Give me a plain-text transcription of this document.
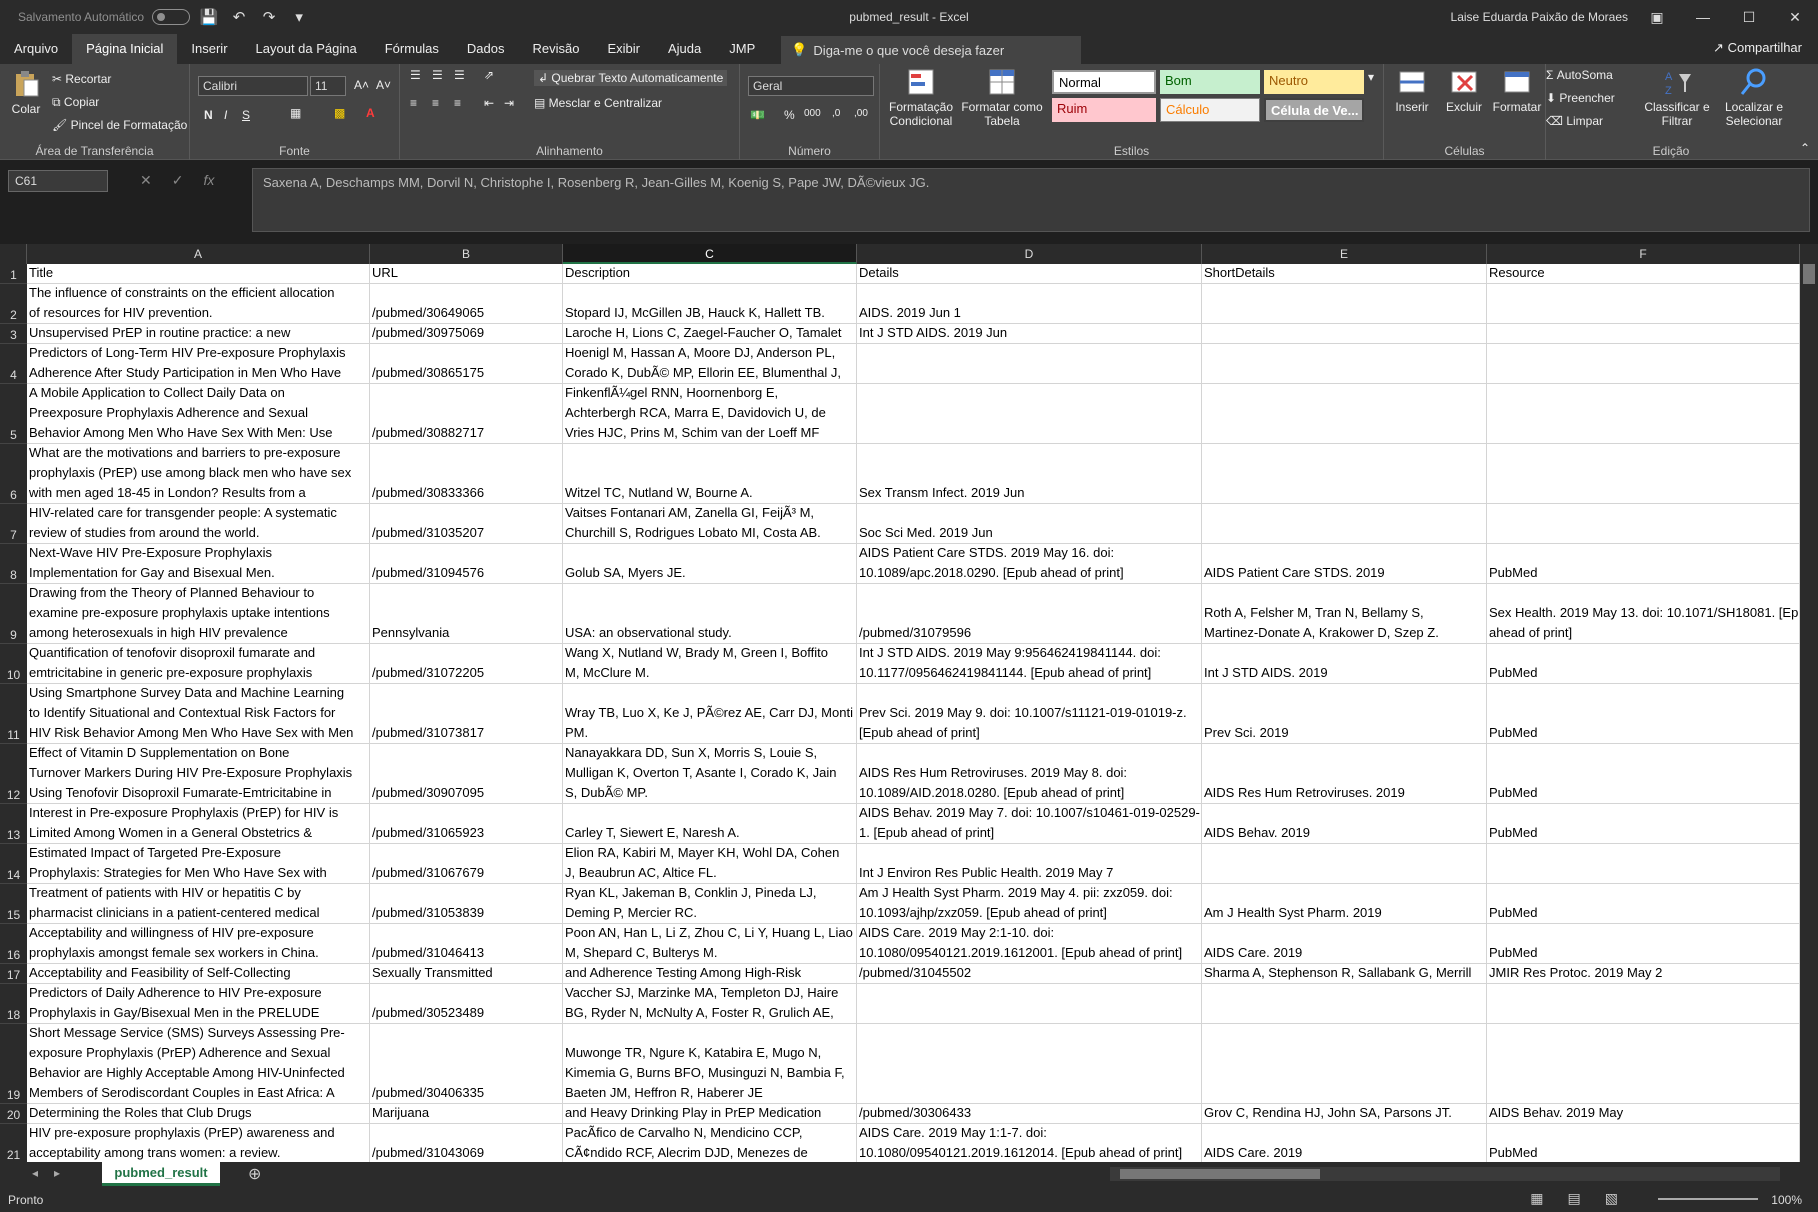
Salvamento Automático	💾 ↶	↷	▾	pubmed_result - Excel	Laise Eduarda Paixão de Moraes	▣	—	☐	✕
Arquivo	Página Inicial	Inserir	Layout da Página	Fórmulas	Dados	Revisão	Exibir	Ajuda	JMP	💡 Diga-me o que você deseja fazer	↗ Compartilhar
Colar
✂ Recortar
⧉ Copiar
🖌 Pincel de Formatação
Área de Transferência
Calibri	11	A˄ A˅
N I S	▦	▩ A
Fonte
☰ ☰ ☰ ⇗
≡ ≡ ≡ ⇤ ⇥
↲ Quebrar Texto Automaticamente
▤ Mesclar e Centralizar
Alinhamento
Geral
💵 % 000 ,0 ,00
Número
Formatação Condicional
Formatar como Tabela
Normal	Bom	Neutro
Ruim	Cálculo	Célula de Ve...
▾
Estilos
Inserir	Excluir Formatar
Células
Σ AutoSoma
⬇ Preencher
⌫ Limpar
A
Z
Classificar e Filtrar
Localizar e Selecionar
Edição	⌃
C61	✕ ✓ fx	Saxena A, Deschamps MM, Dorvil N, Christophe I, Rosenberg R, Jean-Gilles M, Koenig S, Pape JW, DÃ©vieux JG.
A	B	C	D	E	F
1 Title	URL	Description	Details	ShortDetails	Resource
2
The influence of constraints on the efficient allocation
of resources for HIV prevention.	/pubmed/30649065	Stopard IJ, McGillen JB, Hauck K, Hallett TB.	AIDS. 2019 Jun 1
3 Unsupervised PrEP in routine practice: a new	/pubmed/30975069	Laroche H, Lions C, Zaegel-Faucher O, Tamalet	Int J STD AIDS. 2019 Jun
4
Predictors of Long-Term HIV Pre-exposure Prophylaxis
Adherence After Study Participation in Men Who Have	/pubmed/30865175
Hoenigl M, Hassan A, Moore DJ, Anderson PL,
Corado K, DubÃ© MP, Ellorin EE, Blumenthal J,
5
A Mobile Application to Collect Daily Data on
Preexposure Prophylaxis Adherence and Sexual
Behavior Among Men Who Have Sex With Men: Use	/pubmed/30882717
FinkenflÃ¼gel RNN, Hoornenborg E,
Achterbergh RCA, Marra E, Davidovich U, de
Vries HJC, Prins M, Schim van der Loeff MF
6
What are the motivations and barriers to pre-exposure
prophylaxis (PrEP) use among black men who have sex
with men aged 18-45 in London? Results from a	/pubmed/30833366	Witzel TC, Nutland W, Bourne A.	Sex Transm Infect. 2019 Jun
7
HIV-related care for transgender people: A systematic
review of studies from around the world.	/pubmed/31035207
Vaitses Fontanari AM, Zanella GI, FeijÃ³ M,
Churchill S, Rodrigues Lobato MI, Costa AB.	Soc Sci Med. 2019 Jun
8
Next-Wave HIV Pre-Exposure Prophylaxis
Implementation for Gay and Bisexual Men.	/pubmed/31094576	Golub SA, Myers JE.
AIDS Patient Care STDS. 2019 May 16. doi:
10.1089/apc.2018.0290. [Epub ahead of print]	AIDS Patient Care STDS. 2019	PubMed
9
Drawing from the Theory of Planned Behaviour to
examine pre-exposure prophylaxis uptake intentions
among heterosexuals in high HIV prevalence	Pennsylvania	USA: an observational study.	/pubmed/31079596
Roth A, Felsher M, Tran N, Bellamy S,
Martinez-Donate A, Krakower D, Szep Z.
Sex Health. 2019 May 13. doi: 10.1071/SH18081. [Ep
ahead of print]
10
Quantification of tenofovir disoproxil fumarate and
emtricitabine in generic pre-exposure prophylaxis	/pubmed/31072205
Wang X, Nutland W, Brady M, Green I, Boffito
M, McClure M.
Int J STD AIDS. 2019 May 9:956462419841144. doi:
10.1177/0956462419841144. [Epub ahead of print]	Int J STD AIDS. 2019	PubMed
11
Using Smartphone Survey Data and Machine Learning
to Identify Situational and Contextual Risk Factors for
HIV Risk Behavior Among Men Who Have Sex with Men	/pubmed/31073817
Wray TB, Luo X, Ke J, PÃ©rez AE, Carr DJ, Monti
PM.
Prev Sci. 2019 May 9. doi: 10.1007/s11121-019-01019-z.
[Epub ahead of print]	Prev Sci. 2019	PubMed
12
Effect of Vitamin D Supplementation on Bone
Turnover Markers During HIV Pre-Exposure Prophylaxis
Using Tenofovir Disoproxil Fumarate-Emtricitabine in	/pubmed/30907095
Nanayakkara DD, Sun X, Morris S, Louie S,
Mulligan K, Overton T, Asante I, Corado K, Jain
S, DubÃ© MP.
AIDS Res Hum Retroviruses. 2019 May 8. doi:
10.1089/AID.2018.0280. [Epub ahead of print]	AIDS Res Hum Retroviruses. 2019	PubMed
13
Interest in Pre-exposure Prophylaxis (PrEP) for HIV is
Limited Among Women in a General Obstetrics &	/pubmed/31065923	Carley T, Siewert E, Naresh A.
AIDS Behav. 2019 May 7. doi: 10.1007/s10461-019-02529-
1. [Epub ahead of print]	AIDS Behav. 2019	PubMed
14
Estimated Impact of Targeted Pre-Exposure
Prophylaxis: Strategies for Men Who Have Sex with	/pubmed/31067679
Elion RA, Kabiri M, Mayer KH, Wohl DA, Cohen
J, Beaubrun AC, Altice FL.	Int J Environ Res Public Health. 2019 May 7
15
Treatment of patients with HIV or hepatitis C by
pharmacist clinicians in a patient-centered medical	/pubmed/31053839
Ryan KL, Jakeman B, Conklin J, Pineda LJ,
Deming P, Mercier RC.
Am J Health Syst Pharm. 2019 May 4. pii: zxz059. doi:
10.1093/ajhp/zxz059. [Epub ahead of print]	Am J Health Syst Pharm. 2019	PubMed
16
Acceptability and willingness of HIV pre-exposure
prophylaxis amongst female sex workers in China.	/pubmed/31046413
Poon AN, Han L, Li Z, Zhou C, Li Y, Huang L, Liao
M, Shepard C, Bulterys M.
AIDS Care. 2019 May 2:1-10. doi:
10.1080/09540121.2019.1612001. [Epub ahead of print]	AIDS Care. 2019	PubMed
17 Acceptability and Feasibility of Self-Collecting	Sexually Transmitted	and Adherence Testing Among High-Risk	/pubmed/31045502	Sharma A, Stephenson R, Sallabank G, Merrill	JMIR Res Protoc. 2019 May 2
18
Predictors of Daily Adherence to HIV Pre-exposure
Prophylaxis in Gay/Bisexual Men in the PRELUDE	/pubmed/30523489
Vaccher SJ, Marzinke MA, Templeton DJ, Haire
BG, Ryder N, McNulty A, Foster R, Grulich AE,
19
Short Message Service (SMS) Surveys Assessing Pre-
exposure Prophylaxis (PrEP) Adherence and Sexual
Behavior are Highly Acceptable Among HIV-Uninfected
Members of Serodiscordant Couples in East Africa: A	/pubmed/30406335
Muwonge TR, Ngure K, Katabira E, Mugo N,
Kimemia G, Burns BFO, Musinguzi N, Bambia F,
Baeten JM, Heffron R, Haberer JE
20 Determining the Roles that Club Drugs	Marijuana	and Heavy Drinking Play in PrEP Medication	/pubmed/30306433	Grov C, Rendina HJ, John SA, Parsons JT.	AIDS Behav. 2019 May
21
HIV pre-exposure prophylaxis (PrEP) awareness and
acceptability among trans women: a review.	/pubmed/31043069
PacÃfico de Carvalho N, Mendicino CCP,
CÃ¢ndido RCF, Alecrim DJD, Menezes de
AIDS Care. 2019 May 1:1-7. doi:
10.1080/09540121.2019.1612014. [Epub ahead of print]	AIDS Care. 2019	PubMed
◂ ▸	pubmed_result	⊕
Pronto	▦ ▤ ▧	100%
